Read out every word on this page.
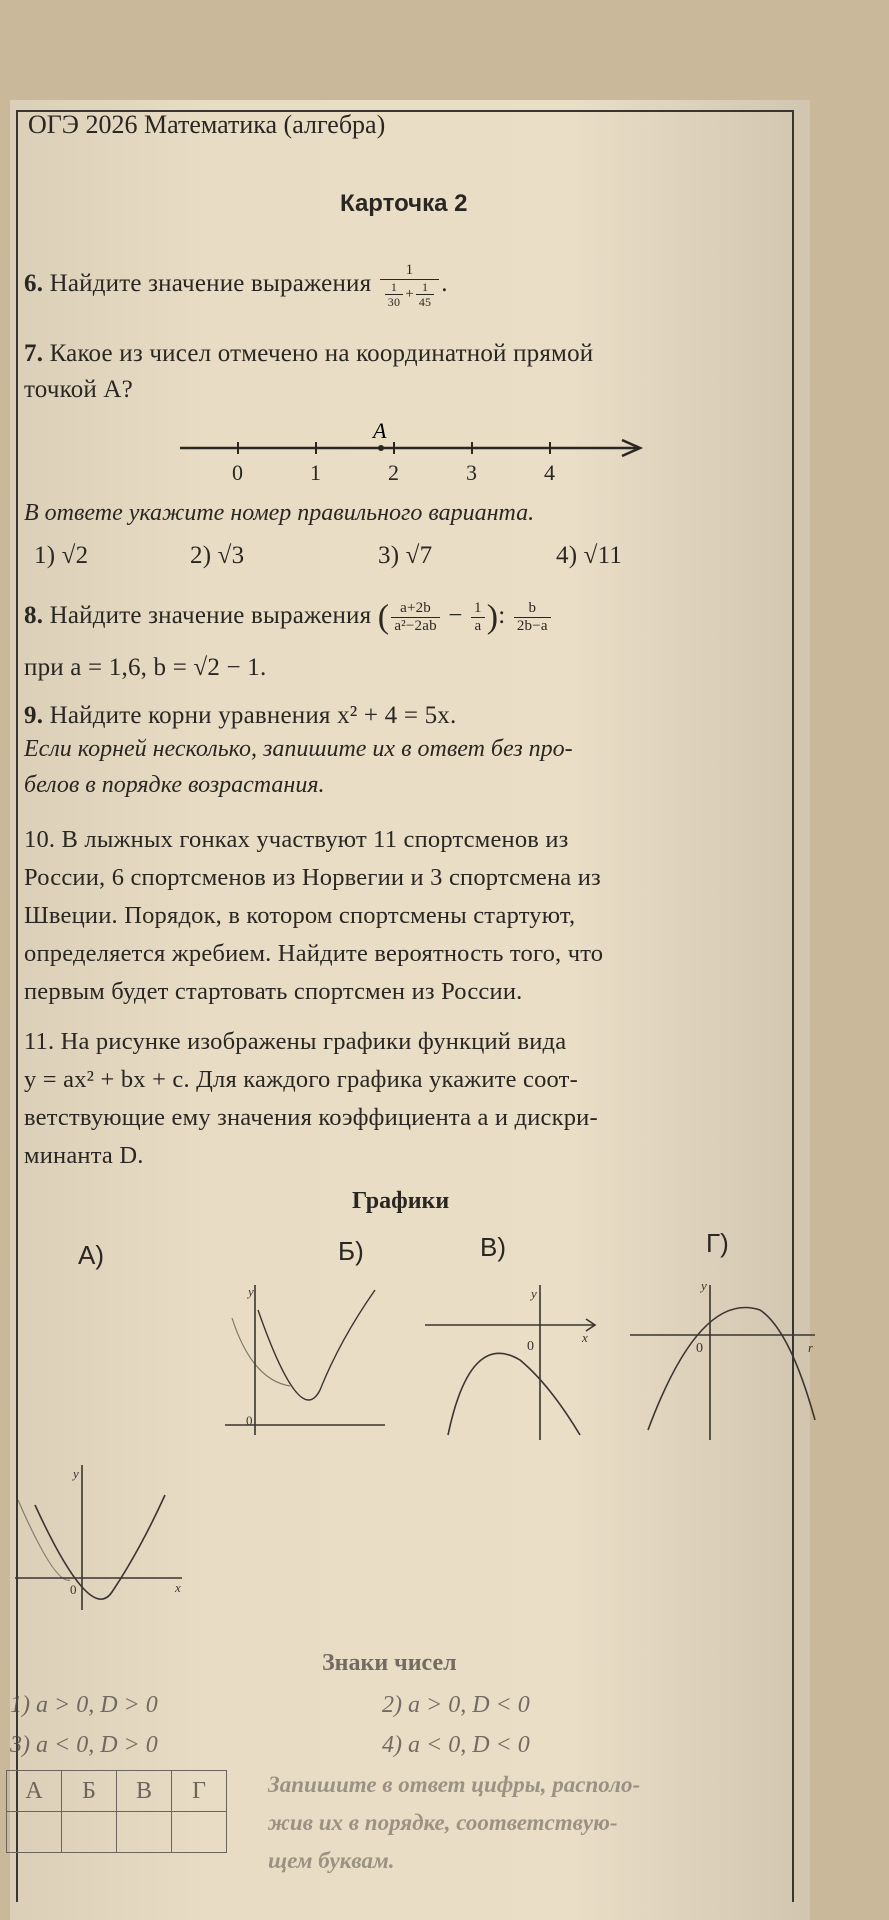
ОГЭ 2026 Математика (алгебра)
Карточка 2
6. Найдите значение выражения $\frac{1}{\frac{1}{30} + \frac{1}{45}}$ .
7. Какое из чисел отмечено на координатной прямой
точкой A?
0	1	2	3	4
A
0
y
0
y
x
0
y
r
0
y
x
В ответе укажите номер правильного варианта.
1) √2	2) √3	3) √7	4) √11
8. Найдите значение выражения ( $\frac{a+2b}{\text{a²−2ab}} - \frac{1}{a}$ ): $\frac{b}{2b-a}$
при a = 1,6, b = √2 − 1.
9. Найдите корни уравнения x² + 4 = 5x.
Если корней несколько, запишите их в ответ без про-
белов в порядке возрастания.
10. В лыжных гонках участвуют 11 спортсменов из
России, 6 спортсменов из Норвегии и 3 спортсмена из
Швеции. Порядок, в котором спортсмены стартуют,
определяется жребием. Найдите вероятность того, что
первым будет стартовать спортсмен из России.
11. На рисунке изображены графики функций вида
y = ax² + bx + c. Для каждого графика укажите соот-
ветствующие ему значения коэффициента a и дискри-
минанта D.
Графики
А)	Б)	В)	Г)
Знаки чисел
1) a > 0, D > 0	2) a > 0, D < 0
3) a < 0, D > 0	4) a < 0, D < 0
А	Б	В	Г
				Запишите в ответ цифры, располо-
жив их в порядке, соответствую-
щем буквам.
